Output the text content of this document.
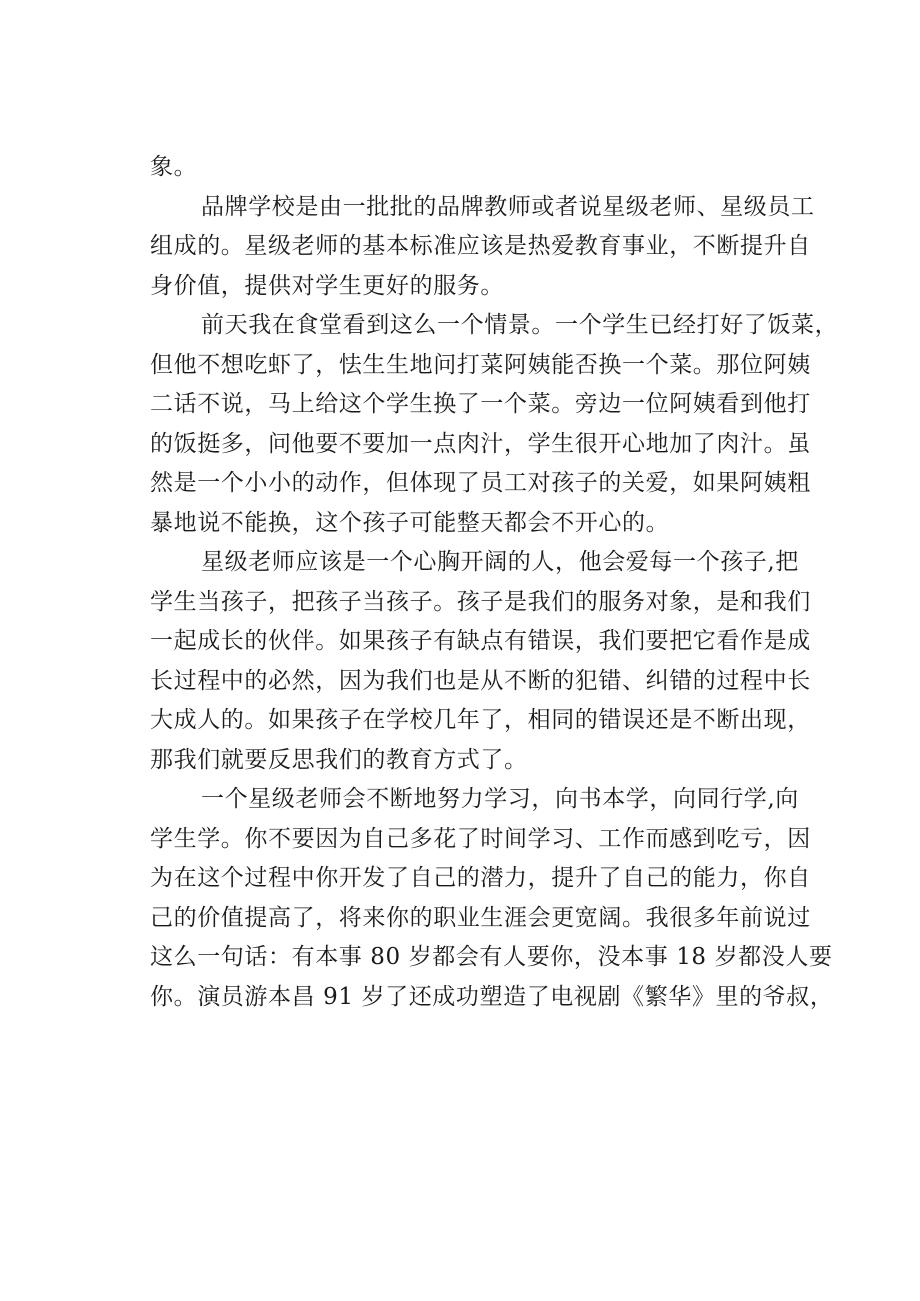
象。
品牌学校是由一批批的品牌教师或者说星级老师、星级员工
组成的。星级老师的基本标准应该是热爱教育事业，不断提升自
身价值，提供对学生更好的服务。
前天我在食堂看到这么一个情景。一个学生已经打好了饭菜，
但他不想吃虾了，怯生生地问打菜阿姨能否换一个菜。那位阿姨
二话不说，马上给这个学生换了一个菜。旁边一位阿姨看到他打
的饭挺多，问他要不要加一点肉汁，学生很开心地加了肉汁。虽
然是一个小小的动作，但体现了员工对孩子的关爱，如果阿姨粗
暴地说不能换，这个孩子可能整天都会不开心的。
星级老师应该是一个心胸开阔的人，他会爱每一个孩子,把
学生当孩子，把孩子当孩子。孩子是我们的服务对象，是和我们
一起成长的伙伴。如果孩子有缺点有错误，我们要把它看作是成
长过程中的必然，因为我们也是从不断的犯错、纠错的过程中长
大成人的。如果孩子在学校几年了，相同的错误还是不断出现，
那我们就要反思我们的教育方式了。
一个星级老师会不断地努力学习，向书本学，向同行学,向
学生学。你不要因为自己多花了时间学习、工作而感到吃亏，因
为在这个过程中你开发了自己的潜力，提升了自己的能力，你自
己的价值提高了，将来你的职业生涯会更宽阔。我很多年前说过
这么一句话：有本事 80 岁都会有人要你，没本事 18 岁都没人要
你。演员游本昌 91 岁了还成功塑造了电视剧《繁华》里的爷叔，
